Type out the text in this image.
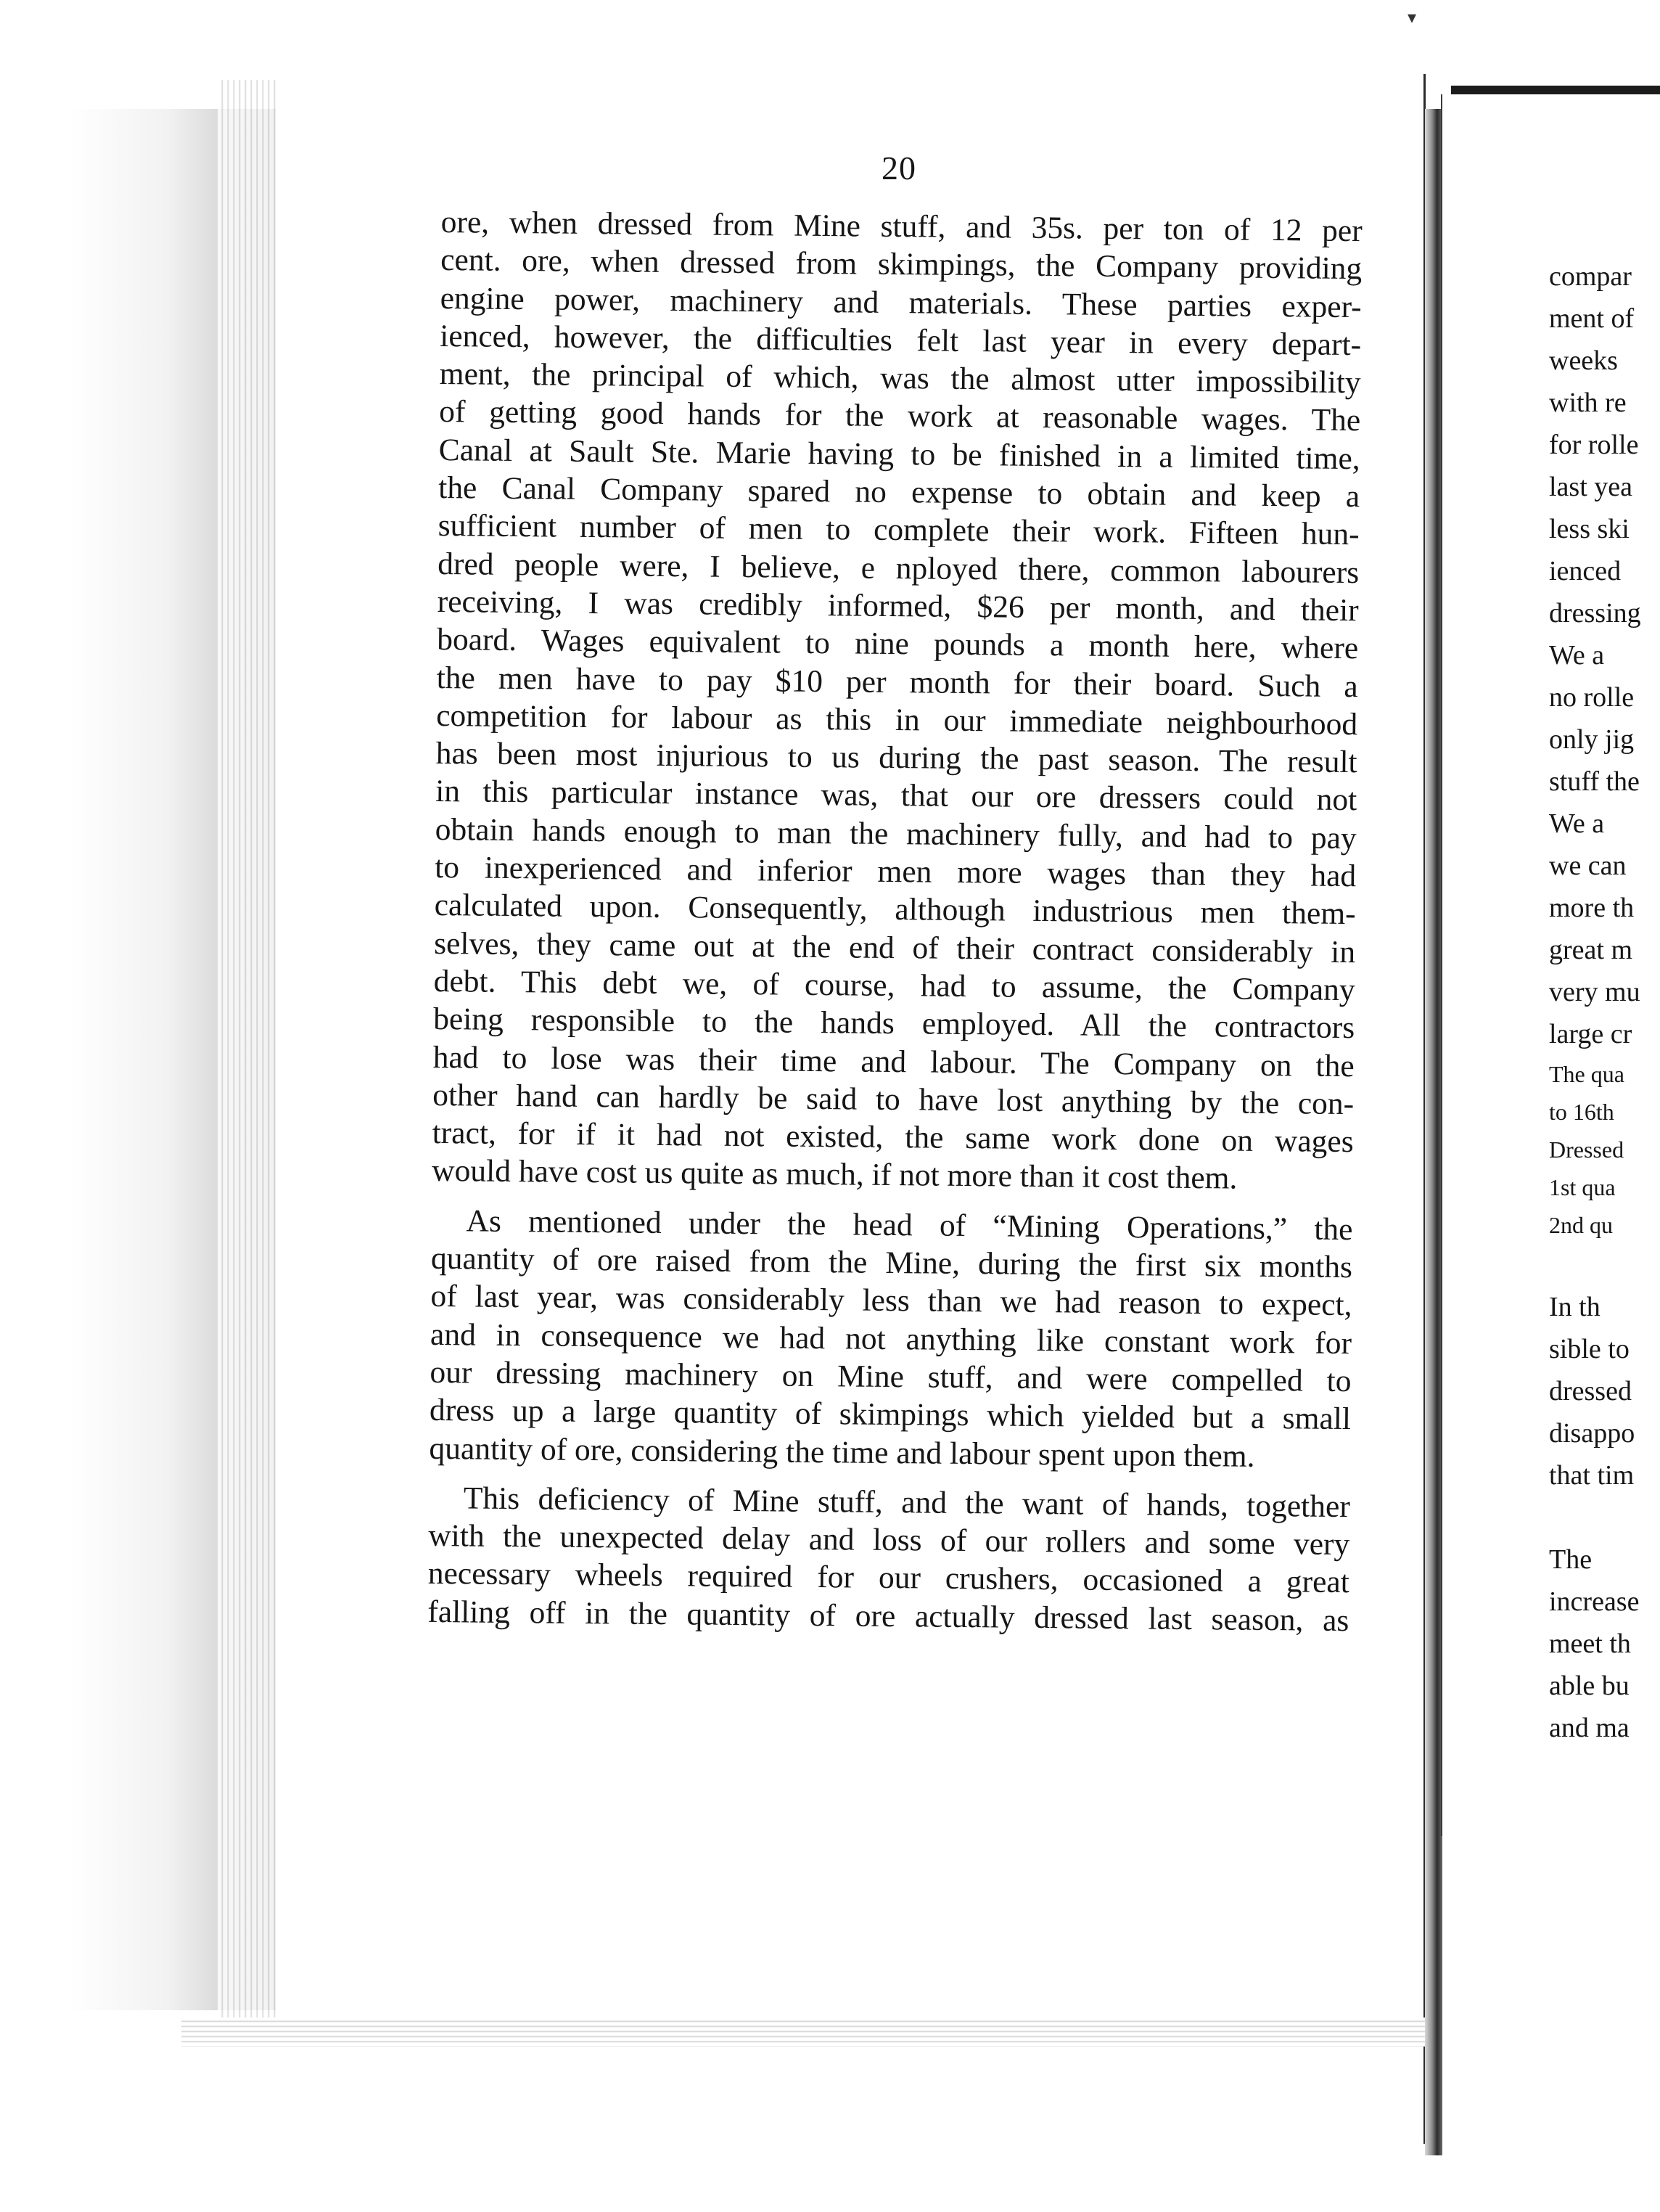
▾
20
ore, when dressed from Mine stuff, and 35s. per ton of 12 per
cent. ore, when dressed from skimpings, the Company providing
engine power, machinery and materials. These parties exper-
ienced, however, the difficulties felt last year in every depart-
ment, the principal of which, was the almost utter impossibility
of getting good hands for the work at reasonable wages. The
Canal at Sault Ste. Marie having to be finished in a limited time,
the Canal Company spared no expense to obtain and keep a
sufficient number of men to complete their work. Fifteen hun-
dred people were, I believe, e nployed there, common labourers
receiving, I was credibly informed, $26 per month, and their
board. Wages equivalent to nine pounds a month here, where
the men have to pay $10 per month for their board. Such a
competition for labour as this in our immediate neighbourhood
has been most injurious to us during the past season. The result
in this particular instance was, that our ore dressers could not
obtain hands enough to man the machinery fully, and had to pay
to inexperienced and inferior men more wages than they had
calculated upon. Consequently, although industrious men them-
selves, they came out at the end of their contract considerably in
debt. This debt we, of course, had to assume, the Company
being responsible to the hands employed. All the contractors
had to lose was their time and labour. The Company on the
other hand can hardly be said to have lost anything by the con-
tract, for if it had not existed, the same work done on wages
would have cost us quite as much, if not more than it cost them.
As mentioned under the head of “Mining Operations,” the
quantity of ore raised from the Mine, during the first six months
of last year, was considerably less than we had reason to expect,
and in consequence we had not anything like constant work for
our dressing machinery on Mine stuff, and were compelled to
dress up a large quantity of skimpings which yielded but a small
quantity of ore, considering the time and labour spent upon them.
This deficiency of Mine stuff, and the want of hands, together
with the unexpected delay and loss of our rollers and some very
necessary wheels required for our crushers, occasioned a great
falling off in the quantity of ore actually dressed last season, as
compar
ment of
weeks
with re
for rolle
last yea
less ski
ienced
dressing
We a
no rolle
only jig
stuff the
We a
we can
more th
great m
very mu
large cr
The qua
to 16th
Dressed
1st qua
2nd qu

In th
sible to
dressed
disappo
that tim

The
increase
meet th
able bu
and ma
